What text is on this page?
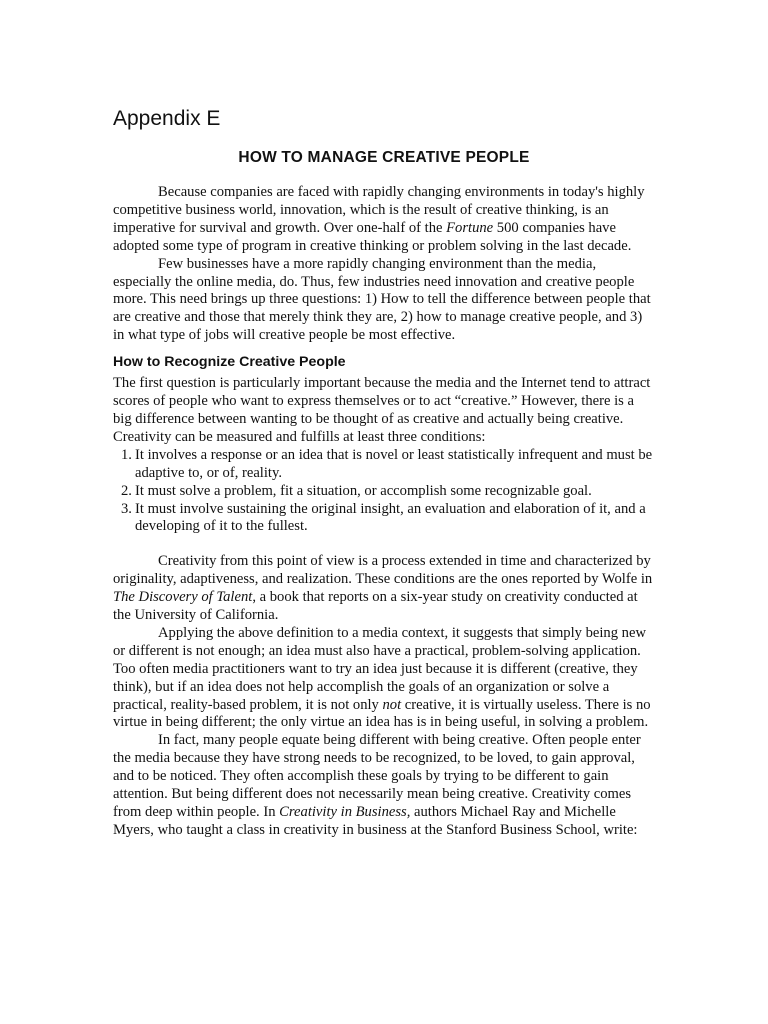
Appendix E
HOW TO MANAGE CREATIVE PEOPLE

Because companies are faced with rapidly changing environments in today's highly competitive business world, innovation, which is the result of creative thinking, is an imperative for survival and growth. Over one-half of the Fortune 500 companies have adopted some type of program in creative thinking or problem solving in the last decade.

Few businesses have a more rapidly changing environment than the media, especially the online media, do. Thus, few industries need innovation and creative people more. This need brings up three questions: 1) How to tell the difference between people that are creative and those that merely think they are, 2) how to manage creative people, and 3) in what type of jobs will creative people be most effective.

How to Recognize Creative People

The first question is particularly important because the media and the Internet tend to attract scores of people who want to express themselves or to act “creative.” However, there is a big difference between wanting to be thought of as creative and actually being creative. Creativity can be measured and fulfills at least three conditions:

1. It involves a response or an idea that is novel or least statistically infrequent and must be adaptive to, or of, reality.
2. It must solve a problem, fit a situation, or accomplish some recognizable goal.
3. It must involve sustaining the original insight, an evaluation and elaboration of it, and a developing of it to the fullest.

Creativity from this point of view is a process extended in time and characterized by originality, adaptiveness, and realization. These conditions are the ones reported by Wolfe in The Discovery of Talent, a book that reports on a six-year study on creativity conducted at the University of California.

Applying the above definition to a media context, it suggests that simply being new or different is not enough; an idea must also have a practical, problem-solving application. Too often media practitioners want to try an idea just because it is different (creative, they think), but if an idea does not help accomplish the goals of an organization or solve a practical, reality-based problem, it is not only not creative, it is virtually useless. There is no virtue in being different; the only virtue an idea has is in being useful, in solving a problem.

In fact, many people equate being different with being creative. Often people enter the media because they have strong needs to be recognized, to be loved, to gain approval, and to be noticed. They often accomplish these goals by trying to be different to gain attention. But being different does not necessarily mean being creative. Creativity comes from deep within people. In Creativity in Business, authors Michael Ray and Michelle Myers, who taught a class in creativity in business at the Stanford Business School, write:
